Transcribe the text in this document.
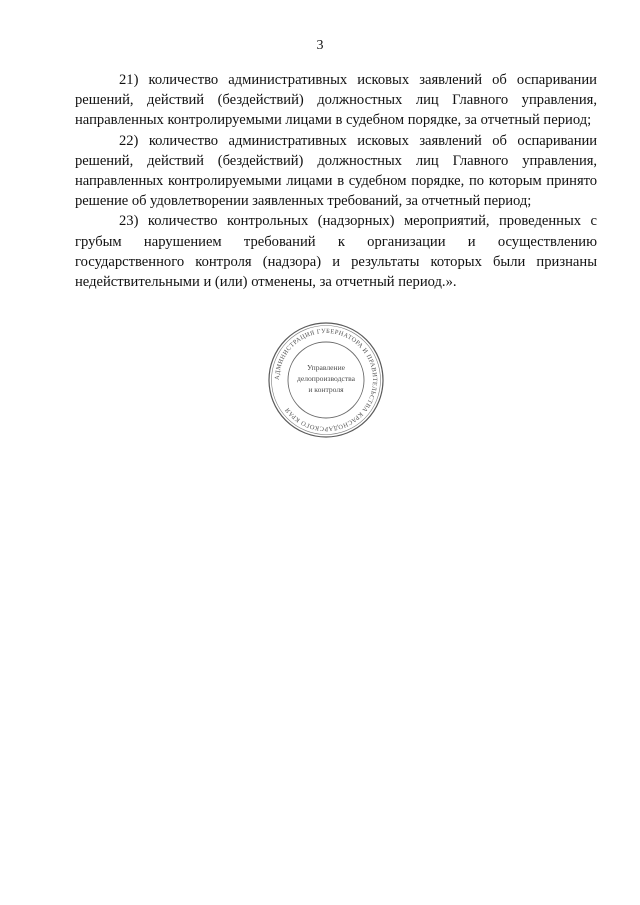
3

21) количество административных исковых заявлений об оспаривании решений, действий (бездействий) должностных лиц Главного управления, направленных контролируемыми лицами в судебном порядке, за отчетный период;

22) количество административных исковых заявлений об оспаривании решений, действий (бездействий) должностных лиц Главного управления, направленных контролируемыми лицами в судебном порядке, по которым принято решение об удовлетворении заявленных требований, за отчетный период;

23) количество контрольных (надзорных) мероприятий, проведенных с грубым нарушением требований к организации и осуществлению государственного контроля (надзора) и результаты которых были признаны недействительными и (или) отменены, за отчетный период.».

АДМИНИСТРАЦИЯ ГУБЕРНАТОРА И ПРАВИТЕЛЬСТВА КРАСНОДАРСКОГО КРАЯ
Управление
делопроизводства
и контроля
